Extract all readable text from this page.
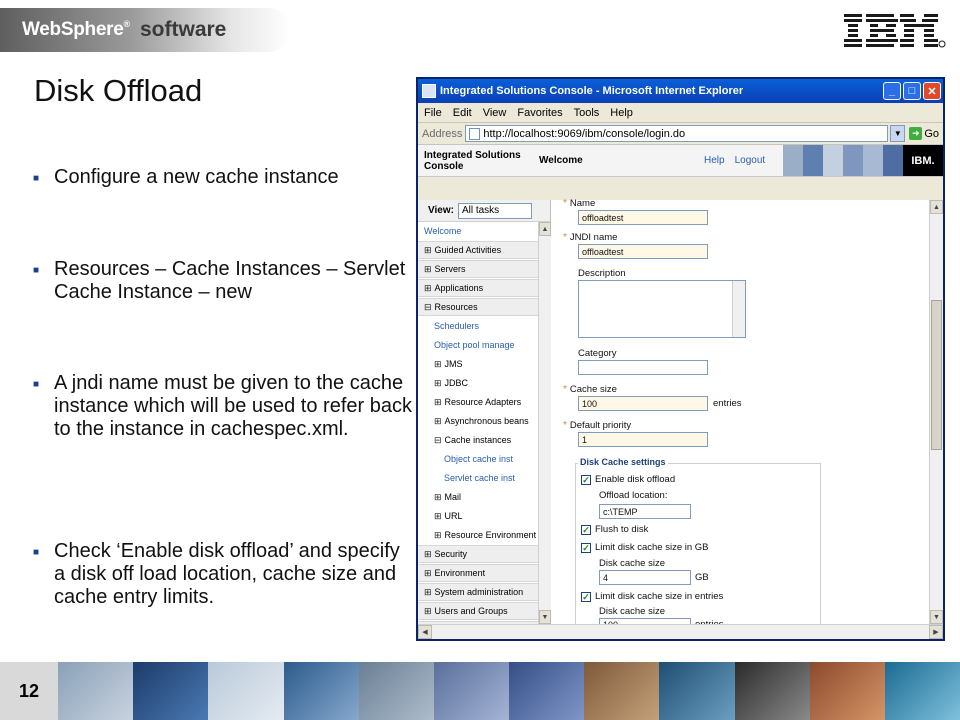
WebSphere® software
Disk Offload
■ Configure a new cache instance
■ Resources – Cache Instances – Servlet Cache Instance – new
■ A jndi name must be given to the cache instance which will be used to refer back to the instance in cachespec.xml.
■ Check ‘Enable disk offload’ and specify a disk off load location, cache size and cache entry limits.
Integrated Solutions Console - Microsoft Internet Explorer	_	□	✕
File Edit View Favorites Tools Help
Address http://localhost:9069/ibm/console/login.do	▼	➜ Go
Integrated Solutions Console	Welcome	Help Logout	IBM.
View: All tasks
Welcome
⊞ Guided Activities
⊞ Servers
⊞ Applications
⊟ Resources
Schedulers
Object pool manage
⊞ JMS
⊞ JDBC
⊞ Resource Adapters
⊞ Asynchronous beans
⊟ Cache instances
Object cache inst
Servlet cache inst
⊞ Mail
⊞ URL
⊞ Resource Environment
⊞ Security
⊞ Environment
⊞ System administration
⊞ Users and Groups
▲
▼
* Name
offloadtest
* JNDI name
offloadtest
Description
Category
* Cache size
100	entries
* Default priority
1
Disk Cache settings
✓ Enable disk offload
Offload location:
c:\TEMP
✓ Flush to disk
✓ Limit disk cache size in GB
Disk cache size
4	GB
✓ Limit disk cache size in entries
Disk cache size
▲
▼
◀	▶
12
